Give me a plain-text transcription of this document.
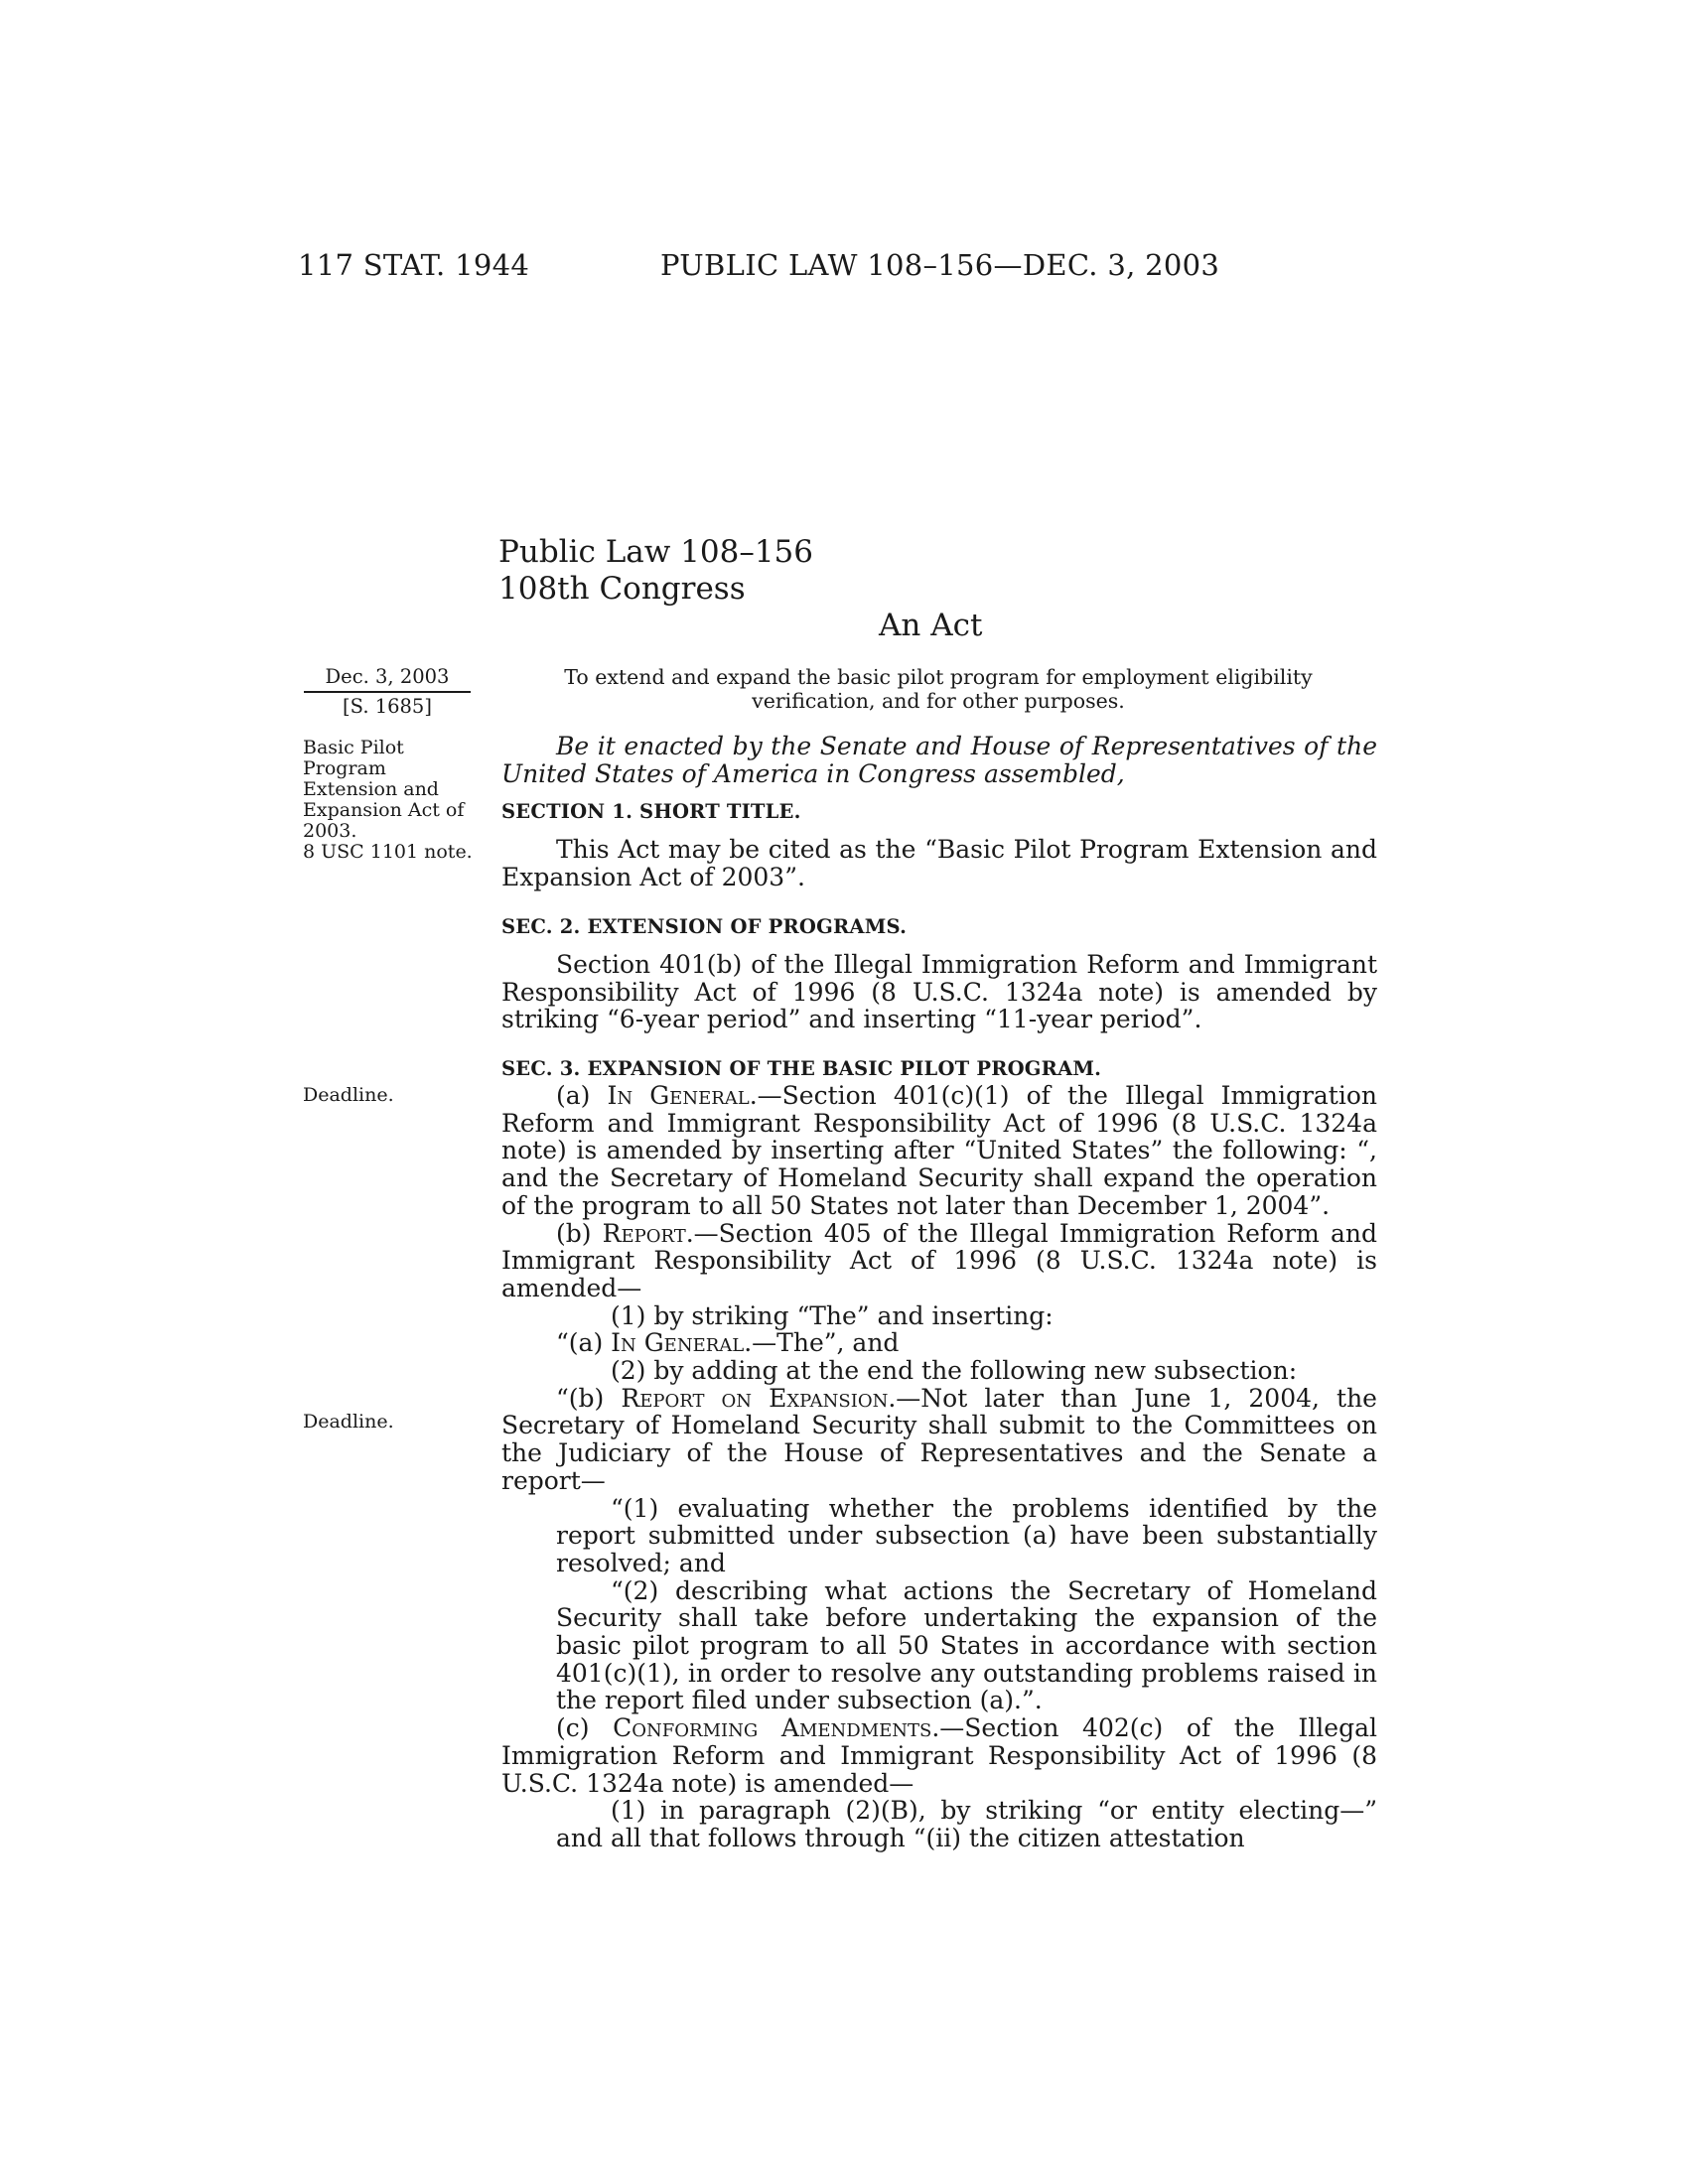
117 STAT. 1944	PUBLIC LAW 108–156—DEC. 3, 2003
Public Law 108–156
108th Congress
An Act
Dec. 3, 2003
[S. 1685]
To extend and expand the basic pilot program for employment eligibility verification, and for other purposes.
Basic Pilot Program Extension and Expansion Act of 2003.
8 USC 1101 note.
Deadline.
Deadline.
Be it enacted by the Senate and House of Representatives of the United States of America in Congress assembled,
SECTION 1. SHORT TITLE.
This Act may be cited as the “Basic Pilot Program Extension and Expansion Act of 2003”.
SEC. 2. EXTENSION OF PROGRAMS.
Section 401(b) of the Illegal Immigration Reform and Immigrant Responsibility Act of 1996 (8 U.S.C. 1324a note) is amended by striking “6-year period” and inserting “11-year period”.
SEC. 3. EXPANSION OF THE BASIC PILOT PROGRAM.

(a) In General.—Section 401(c)(1) of the Illegal Immigration Reform and Immigrant Responsibility Act of 1996 (8 U.S.C. 1324a note) is amended by inserting after “United States” the following: “, and the Secretary of Homeland Security shall expand the operation of the program to all 50 States not later than December 1, 2004”.

(b) Report.—Section 405 of the Illegal Immigration Reform and Immigrant Responsibility Act of 1996 (8 U.S.C. 1324a note) is amended—

(1) by striking “The” and inserting:

“(a) In General.—The”, and

(2) by adding at the end the following new subsection:

“(b) Report on Expansion.—Not later than June 1, 2004, the Secretary of Homeland Security shall submit to the Committees on the Judiciary of the House of Representatives and the Senate a report—

“(1) evaluating whether the problems identified by the report submitted under subsection (a) have been substantially resolved; and

“(2) describing what actions the Secretary of Homeland Security shall take before undertaking the expansion of the basic pilot program to all 50 States in accordance with section 401(c)(1), in order to resolve any outstanding problems raised in the report filed under subsection (a).”.

(c) Conforming Amendments.—Section 402(c) of the Illegal Immigration Reform and Immigrant Responsibility Act of 1996 (8 U.S.C. 1324a note) is amended—

(1) in paragraph (2)(B), by striking “or entity electing—” and all that follows through “(ii) the citizen attestation
